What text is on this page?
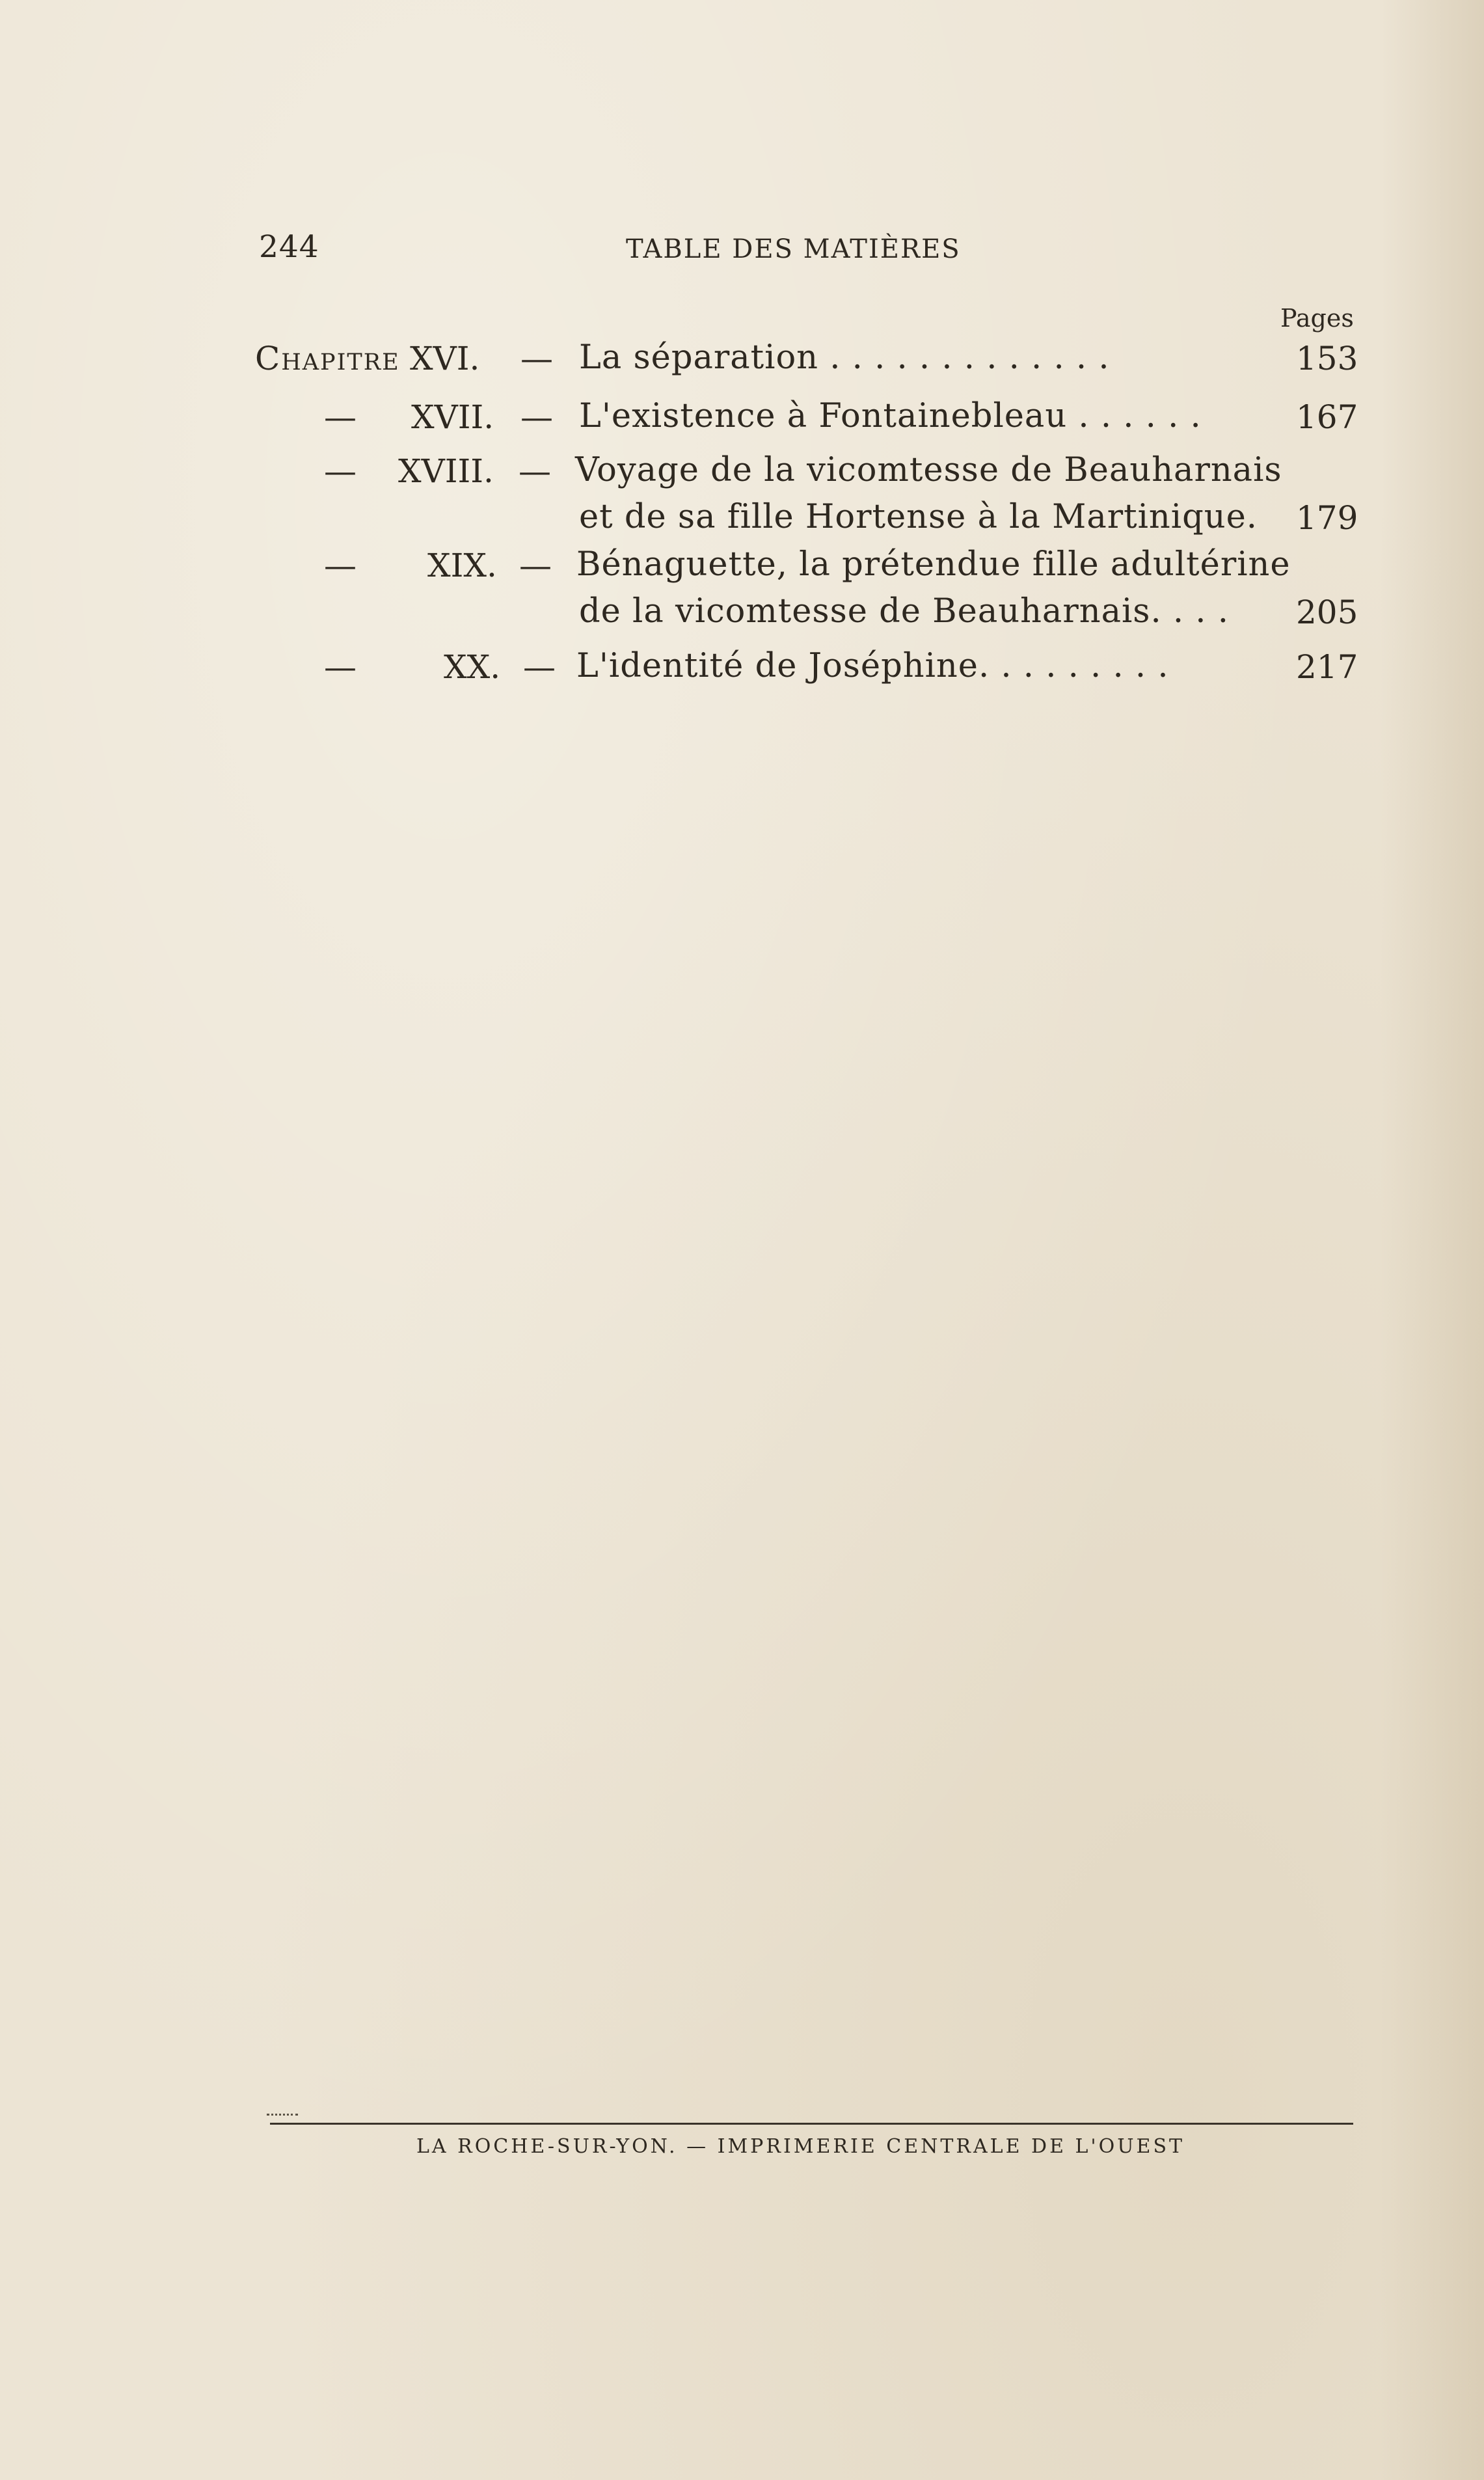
244	TABLE DES MATIÈRES
Pages
Chapitre XVI. — La séparation . . . . . . . . . . . . .	153
— XVII. — L'existence à Fontainebleau . . . . . .	167
— XVIII. — Voyage de la vicomtesse de Beauharnais
et de sa fille Hortense à la Martinique. 179
— XIX. — Bénaguette, la prétendue fille adultérine
de la vicomtesse de Beauharnais. . . . 205
—	XX. — L'identité de Joséphine. . . . . . . . .	217
LA ROCHE-SUR-YON. — IMPRIMERIE CENTRALE DE L'OUEST
